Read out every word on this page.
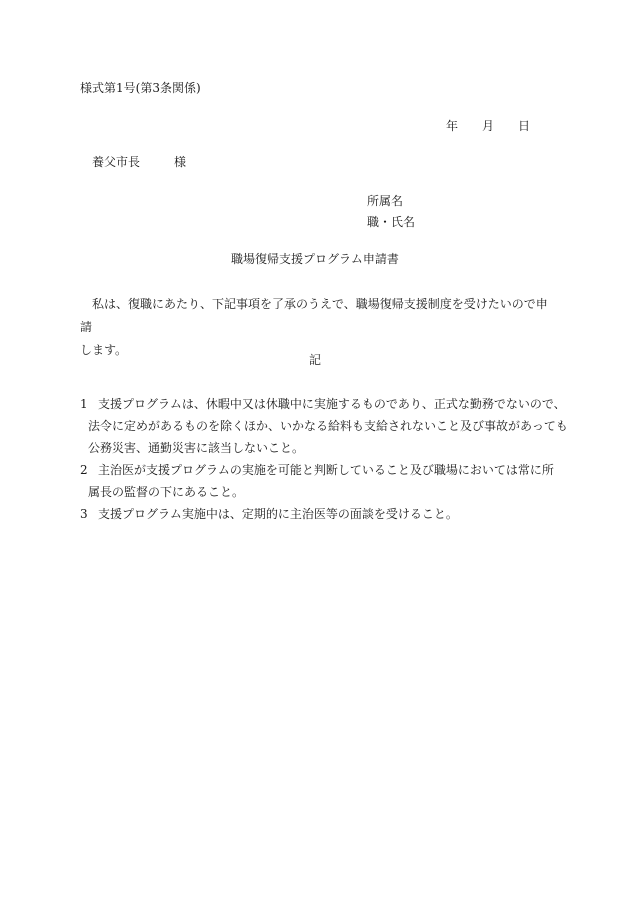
様式第1号(第3条関係)
年 月 日
養父市長	様
所属名
職・氏名
職場復帰支援プログラム申請書
私は、復職にあたり、下記事項を了承のうえで、職場復帰支援制度を受けたいので申請
します。
記
1 支援プログラムは、休暇中又は休職中に実施するものであり、正式な勤務でないので、
法令に定めがあるものを除くほか、いかなる給料も支給されないこと及び事故があっても
公務災害、通勤災害に該当しないこと。
2 主治医が支援プログラムの実施を可能と判断していること及び職場においては常に所
属長の監督の下にあること。
3 支援プログラム実施中は、定期的に主治医等の面談を受けること。
